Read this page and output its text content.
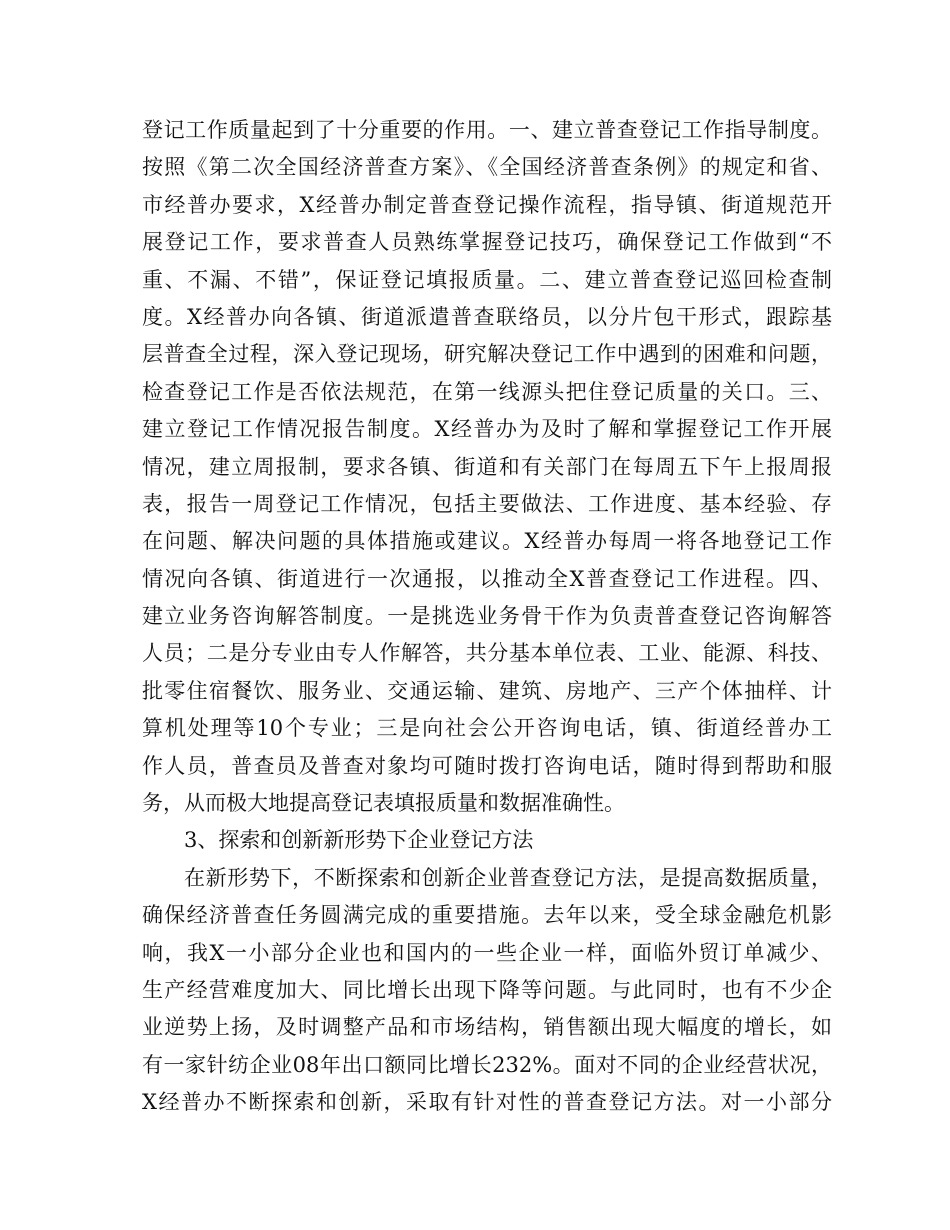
登记工作质量起到了十分重要的作用。一、建立普查登记工作指导制度。
按照《第二次全国经济普查方案》、《全国经济普查条例》的规定和省、
市经普办要求，X经普办制定普查登记操作流程，指导镇、街道规范开
展登记工作，要求普查人员熟练掌握登记技巧，确保登记工作做到“不
重、不漏、不错”，保证登记填报质量。二、建立普查登记巡回检查制
度。X经普办向各镇、街道派遣普查联络员，以分片包干形式，跟踪基
层普查全过程，深入登记现场，研究解决登记工作中遇到的困难和问题，
检查登记工作是否依法规范，在第一线源头把住登记质量的关口。三、
建立登记工作情况报告制度。X经普办为及时了解和掌握登记工作开展
情况，建立周报制，要求各镇、街道和有关部门在每周五下午上报周报
表，报告一周登记工作情况，包括主要做法、工作进度、基本经验、存
在问题、解决问题的具体措施或建议。X经普办每周一将各地登记工作
情况向各镇、街道进行一次通报，以推动全X普查登记工作进程。四、
建立业务咨询解答制度。一是挑选业务骨干作为负责普查登记咨询解答
人员；二是分专业由专人作解答，共分基本单位表、工业、能源、科技、
批零住宿餐饮、服务业、交通运输、建筑、房地产、三产个体抽样、计
算机处理等10个专业；三是向社会公开咨询电话，镇、街道经普办工
作人员，普查员及普查对象均可随时拨打咨询电话，随时得到帮助和服
务，从而极大地提高登记表填报质量和数据准确性。
3、探索和创新新形势下企业登记方法
在新形势下，不断探索和创新企业普查登记方法，是提高数据质量，
确保经济普查任务圆满完成的重要措施。去年以来，受全球金融危机影
响，我X一小部分企业也和国内的一些企业一样，面临外贸订单减少、
生产经营难度加大、同比增长出现下降等问题。与此同时，也有不少企
业逆势上扬，及时调整产品和市场结构，销售额出现大幅度的增长，如
有一家针纺企业08年出口额同比增长232%。面对不同的企业经营状况，
X经普办不断探索和创新，采取有针对性的普查登记方法。对一小部分
